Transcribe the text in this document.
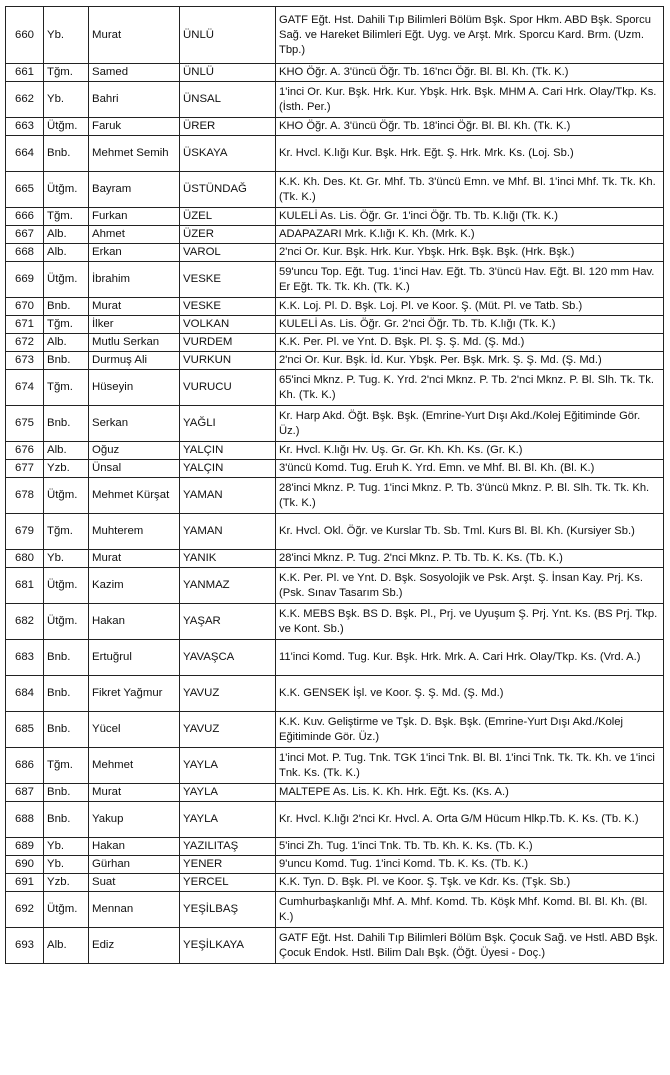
660	Yb.	Murat	ÜNLÜ	GATF Eğt. Hst. Dahili Tıp Bilimleri Bölüm Bşk. Spor Hkm. ABD Bşk. Sporcu Sağ. ve Hareket Bilimleri Eğt. Uyg. ve Arşt. Mrk. Sporcu Kard. Brm. (Uzm. Tbp.)
661	Tğm.	Samed	ÜNLÜ	KHO Öğr. A. 3'üncü Öğr. Tb. 16'ncı Öğr. Bl. Bl. Kh. (Tk. K.)
662	Yb.	Bahri	ÜNSAL	1'inci Or. Kur. Bşk. Hrk. Kur. Ybşk. Hrk. Bşk. MHM A. Cari Hrk. Olay/Tkp. Ks. (İsth. Per.)
663	Ütğm.	Faruk	ÜRER	KHO Öğr. A. 3'üncü Öğr. Tb. 18'inci Öğr. Bl. Bl. Kh. (Tk. K.)
664	Bnb.	Mehmet Semih	ÜSKAYA	Kr. Hvcl. K.lığı Kur. Bşk. Hrk. Eğt. Ş. Hrk. Mrk. Ks. (Loj. Sb.)
665	Ütğm.	Bayram	ÜSTÜNDAĞ	K.K. Kh. Des. Kt. Gr. Mhf. Tb. 3'üncü Emn. ve Mhf. Bl. 1'inci Mhf. Tk. Tk. Kh. (Tk. K.)
666	Tğm.	Furkan	ÜZEL	KULELİ As. Lis. Öğr. Gr. 1'inci Öğr. Tb. Tb. K.lığı (Tk. K.)
667	Alb.	Ahmet	ÜZER	ADAPAZARI Mrk. K.lığı K. Kh. (Mrk. K.)
668	Alb.	Erkan	VAROL	2'nci Or. Kur. Bşk. Hrk. Kur. Ybşk. Hrk. Bşk. Bşk. (Hrk. Bşk.)
669	Ütğm.	İbrahim	VESKE	59'uncu Top. Eğt. Tug. 1'inci Hav. Eğt. Tb. 3'üncü Hav. Eğt. Bl. 120 mm Hav. Er Eğt. Tk. Tk. Kh. (Tk. K.)
670	Bnb.	Murat	VESKE	K.K. Loj. Pl. D. Bşk. Loj. Pl. ve Koor. Ş. (Müt. Pl. ve Tatb. Sb.)
671	Tğm.	İlker	VOLKAN	KULELİ As. Lis. Öğr. Gr. 2'nci Öğr. Tb. Tb. K.lığı (Tk. K.)
672	Alb.	Mutlu Serkan	VURDEM	K.K. Per. Pl. ve Ynt. D. Bşk. Pl. Ş. Ş. Md. (Ş. Md.)
673	Bnb.	Durmuş Ali	VURKUN	2'nci Or. Kur. Bşk. İd. Kur. Ybşk. Per. Bşk. Mrk. Ş. Ş. Md. (Ş. Md.)
674	Tğm.	Hüseyin	VURUCU	65'inci Mknz. P. Tug. K. Yrd. 2'nci Mknz. P. Tb. 2'nci Mknz. P. Bl. Slh. Tk. Tk. Kh. (Tk. K.)
675	Bnb.	Serkan	YAĞLI	Kr. Harp Akd. Öğt. Bşk. Bşk. (Emrine-Yurt Dışı Akd./Kolej Eğitiminde Gör. Üz.)
676	Alb.	Oğuz	YALÇIN	Kr. Hvcl. K.lığı Hv. Uş. Gr. Gr. Kh. Kh. Ks. (Gr. K.)
677	Yzb.	Ünsal	YALÇIN	3'üncü Komd. Tug. Eruh K. Yrd. Emn. ve Mhf. Bl. Bl. Kh. (Bl. K.)
678	Ütğm.	Mehmet Kürşat	YAMAN	28'inci Mknz. P. Tug. 1'inci Mknz. P. Tb. 3'üncü Mknz. P. Bl. Slh. Tk. Tk. Kh. (Tk. K.)
679	Tğm.	Muhterem	YAMAN	Kr. Hvcl. Okl. Öğr. ve Kurslar Tb. Sb. Tml. Kurs Bl. Bl. Kh. (Kursiyer Sb.)
680	Yb.	Murat	YANIK	28'inci Mknz. P. Tug. 2'nci Mknz. P. Tb. Tb. K. Ks. (Tb. K.)
681	Ütğm.	Kazim	YANMAZ	K.K. Per. Pl. ve Ynt. D. Bşk. Sosyolojik ve Psk. Arşt. Ş. İnsan Kay. Prj. Ks. (Psk. Sınav Tasarım Sb.)
682	Ütğm.	Hakan	YAŞAR	K.K. MEBS Bşk. BS D. Bşk. Pl., Prj. ve Uyuşum Ş. Prj. Ynt. Ks. (BS Prj. Tkp. ve Kont. Sb.)
683	Bnb.	Ertuğrul	YAVAŞCA	11'inci Komd. Tug. Kur. Bşk. Hrk. Mrk. A. Cari Hrk. Olay/Tkp. Ks. (Vrd. A.)
684	Bnb.	Fikret Yağmur	YAVUZ	K.K. GENSEK İşl. ve Koor. Ş. Ş. Md. (Ş. Md.)
685	Bnb.	Yücel	YAVUZ	K.K. Kuv. Geliştirme ve Tşk. D. Bşk. Bşk. (Emrine-Yurt Dışı Akd./Kolej Eğitiminde Gör. Üz.)
686	Tğm.	Mehmet	YAYLA	1'inci Mot. P. Tug. Tnk. TGK 1'inci Tnk. Bl. Bl. 1'inci Tnk. Tk. Tk. Kh. ve 1'inci Tnk. Ks. (Tk. K.)
687	Bnb.	Murat	YAYLA	MALTEPE As. Lis. K. Kh. Hrk. Eğt. Ks. (Ks. A.)
688	Bnb.	Yakup	YAYLA	Kr. Hvcl. K.lığı 2'nci Kr. Hvcl. A. Orta G/M Hücum Hlkp.Tb. K. Ks. (Tb. K.)
689	Yb.	Hakan	YAZILITAŞ	5'inci Zh. Tug. 1'inci Tnk. Tb. Tb. Kh. K. Ks. (Tb. K.)
690	Yb.	Gürhan	YENER	9'uncu Komd. Tug. 1'inci Komd. Tb. K. Ks. (Tb. K.)
691	Yzb.	Suat	YERCEL	K.K. Tyn. D. Bşk. Pl. ve Koor. Ş. Tşk. ve Kdr. Ks. (Tşk. Sb.)
692	Ütğm.	Mennan	YEŞİLBAŞ	Cumhurbaşkanlığı Mhf. A. Mhf. Komd. Tb. Köşk Mhf. Komd. Bl. Bl. Kh. (Bl. K.)
693	Alb.	Ediz	YEŞİLKAYA	GATF Eğt. Hst. Dahili Tıp Bilimleri Bölüm Bşk. Çocuk Sağ. ve Hstl. ABD Bşk. Çocuk Endok. Hstl. Bilim Dalı Bşk. (Öğt. Üyesi - Doç.)
